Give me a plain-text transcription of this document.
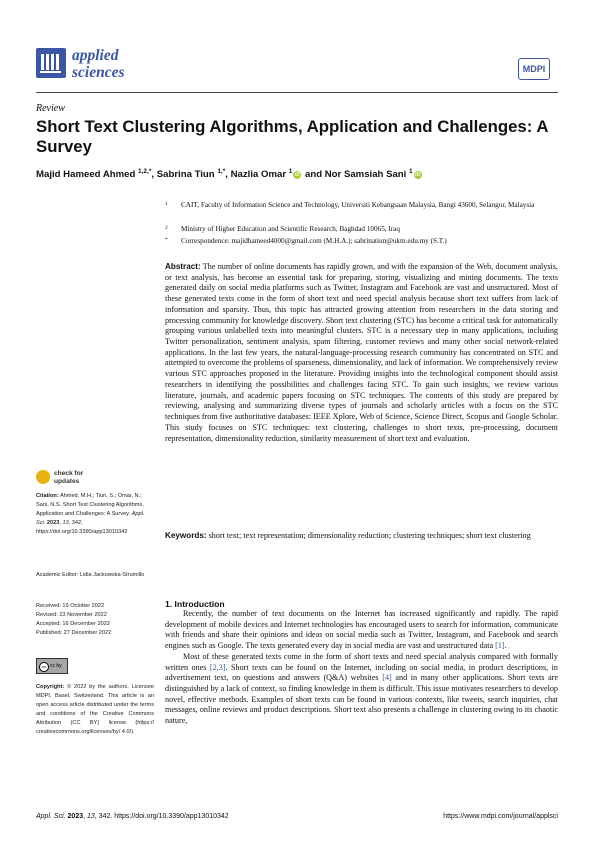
applied
sciences	MDPI
Review
Short Text Clustering Algorithms, Application and Challenges: A Survey
Majid Hameed Ahmed $^{1,2,*}$, Sabrina Tiun $^{1,*}$, Nazlia Omar $^1$iD and Nor Samsiah Sani $^1$iD
1 CAIT, Faculty of Information Science and Technology, Universiti Kebangsaan Malaysia, Bangi 43600, Selangor, Malaysia
2 Ministry of Higher Education and Scientific Research, Baghdad 10065, Iraq
* Correspondence: majidhameed4000@gmail.com (M.H.A.); sabrinatiun@ukm.edu.my (S.T.)
Abstract: The number of online documents has rapidly grown, and with the expansion of the Web, document analysis, or text analysis, has become an essential task for preparing, storing, visualizing and mining documents. The texts generated daily on social media platforms such as Twitter, Instagram and Facebook are vast and unstructured. Most of these generated texts come in the form of short text and need special analysis because short text suffers from lack of information and sparsity. Thus, this topic has attracted growing attention from researchers in the data storing and processing community for knowledge discovery. Short text clustering (STC) has become a critical task for automatically grouping various unlabelled texts into meaningful clusters. STC is a necessary step in many applications, including Twitter personalization, sentiment analysis, spam filtering, customer reviews and many other social network-related applications. In the last few years, the natural-language-processing research community has concentrated on STC and attempted to overcome the problems of sparseness, dimensionality, and lack of information. We comprehensively review various STC approaches proposed in the literature. Providing insights into the technological component should assist researchers in identifying the possibilities and challenges facing STC. To gain such insights, we review various literature, journals, and academic papers focusing on STC techniques. The contents of this study are prepared by reviewing, analysing and summarizing diverse types of journals and scholarly articles with a focus on the STC techniques from five authoritative databases: IEEE Xplore, Web of Science, Science Direct, Scopus and Google Scholar. This study focuses on STC techniques: text clustering, challenges to short texts, pre-processing, document representation, dimensionality reduction, similarity measurement of short text and evaluation.
Keywords: short text; text representation; dimensionality reduction; clustering techniques; short text clustering
check for
updates
Citation: Ahmed, M.H.; Tiun, S.; Omar, N.; Sani, N.S. Short Text Clustering Algorithms, Application and Challenges: A Survey. Appl. Sci. 2023, 13, 342. https://doi.org/10.3390/app13010342
Academic Editor: Lidia Jackowska-Strumillo
Received: 19 October 2022
Revised: 23 November 2022
Accepted: 16 December 2022
Published: 27 December 2022
cc cc by
Copyright: © 2022 by the authors. Licensee MDPI, Basel, Switzerland. This article is an open access article distributed under the terms and conditions of the Creative Commons Attribution (CC BY) license (https:// creativecommons.org/licenses/by/ 4.0/).
1. Introduction

Recently, the number of text documents on the Internet has increased significantly and rapidly. The rapid development of mobile devices and Internet technologies has encouraged users to search for information, communicate with friends and share their opinions and ideas on social media such as Twitter, Instagram, and Facebook and search engines such as Google. The texts generated every day in social media are vast and unstructured data [1].

Most of these generated texts come in the form of short texts and need special analysis compared with formally written ones [2,3]. Short texts can be found on the Internet, including on social media, in product descriptions, in advertisement text, on questions and answers (Q&A) websites [4] and in many other applications. Short texts are distinguished by a lack of context, so finding knowledge in them is difficult. This issue motivates researchers to develop novel, effective methods. Examples of short texts can be found in various contexts, like tweets, search inquiries, chat messages, online reviews and product descriptions. Short text also presents a challenge in clustering owing to its chaotic nature,

Appl. Sci. 2023, 13, 342. https://doi.org/10.3390/app13010342	https://www.mdpi.com/journal/applsci
